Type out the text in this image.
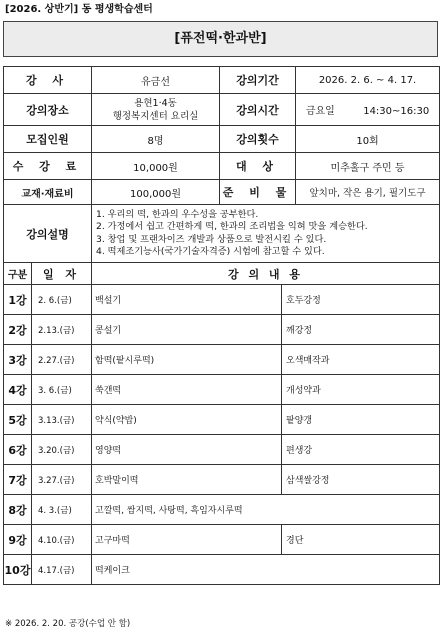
[2026. 상반기] 동 평생학습센터
[퓨전떡·한과반]
강 사		유금선	강의기간		2026. 2. 6. ~ 4. 17.
강의장소		용현1·4동
행정복지센터 요리실	강의시간		금요일 14:30~16:30
모집인원		8명	강의횟수		10회
수 강 료		10,000원	대 상		미추홀구 주민 등
교재·재료비		100,000원	준 비 물		앞치마, 작은 용기, 필기도구
강의설명		1. 우리의 떡, 한과의 우수성을 공부한다.
2. 가정에서 쉽고 간편하게 떡, 한과의 조리법을 익혀 맛을 계승한다.
3. 창업 및 프랜차이즈 개발과 상품으로 발전시킬 수 있다.
4. 떡제조기능사(국가기술자격증) 시험에 참고할 수 있다.			

구분	일 자	강 의 내 용			
1강	2. 6.(금)	백설기		호두강정	
2강	2.13.(금)	콩설기		깨강정	
3강	2.27.(금)	함떡(팥시루떡)		오색매작과	
4강	3. 6.(금)	쑥갠떡		개성약과	
5강	3.13.(금)	약식(약밥)		팥양갱	
6강	3.20.(금)	영양떡		편생강	
7강	3.27.(금)	호박말이떡		삼색쌀강정	
8강	4. 3.(금)	고깔떡, 쌈지떡, 사탕떡, 흑임자시루떡			
9강	4.10.(금)	고구마떡		경단	
10강	4.17.(금)	떡케이크			
※ 2026. 2. 20. 공강(수업 안 함)
